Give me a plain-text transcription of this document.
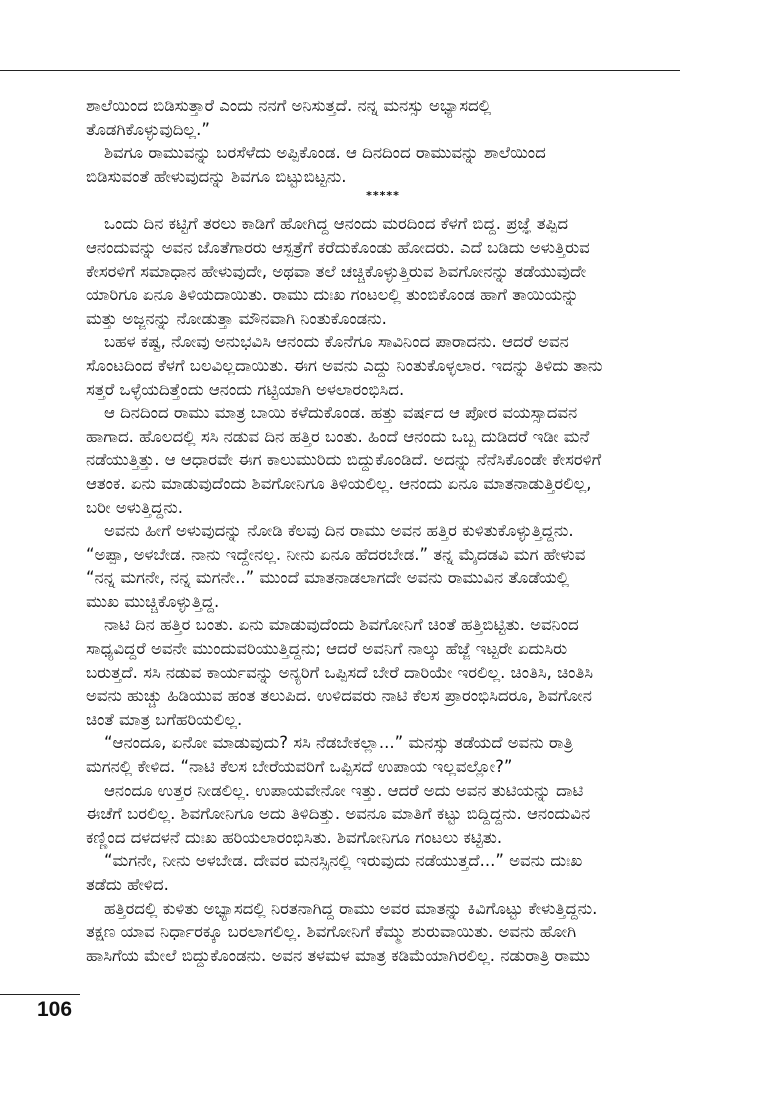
ಶಾಲೆಯಿಂದ ಬಿಡಿಸುತ್ತಾರೆ ಎಂದು ನನಗೆ ಅನಿಸುತ್ತದೆ. ನನ್ನ ಮನಸ್ಸು ಅಭ್ಯಾಸದಲ್ಲಿ
ತೊಡಗಿಕೊಳ್ಳುವುದಿಲ್ಲ.”

ಶಿವಗೂ ರಾಮುವನ್ನು ಬರಸೆಳೆದು ಅಪ್ಪಿಕೊಂಡ. ಆ ದಿನದಿಂದ ರಾಮುವನ್ನು ಶಾಲೆಯಿಂದ
ಬಿಡಿಸುವಂತೆ ಹೇಳುವುದನ್ನು ಶಿವಗೂ ಬಿಟ್ಟುಬಿಟ್ಟನು.

*****

ಒಂದು ದಿನ ಕಟ್ಟಿಗೆ ತರಲು ಕಾಡಿಗೆ ಹೋಗಿದ್ದ ಆನಂದು ಮರದಿಂದ ಕೆಳಗೆ ಬಿದ್ದ. ಪ್ರಜ್ಞೆ ತಪ್ಪಿದ
ಆನಂದುವನ್ನು ಅವನ ಜೊತೆಗಾರರು ಆಸ್ಪತ್ರೆಗೆ ಕರೆದುಕೊಂಡು ಹೋದರು. ಎದೆ ಬಡಿದು ಅಳುತ್ತಿರುವ
ಕೇಸರಳಿಗೆ ಸಮಾಧಾನ ಹೇಳುವುದೇ, ಅಥವಾ ತಲೆ ಚಚ್ಚಿಕೊಳ್ಳುತ್ತಿರುವ ಶಿವಗೋನನ್ನು ತಡೆಯುವುದೇ
ಯಾರಿಗೂ ಏನೂ ತಿಳಿಯದಾಯಿತು. ರಾಮು ದುಃಖ ಗಂಟಲಲ್ಲಿ ತುಂಬಿಕೊಂಡ ಹಾಗೆ ತಾಯಿಯನ್ನು
ಮತ್ತು ಅಜ್ಜನನ್ನು ನೋಡುತ್ತಾ ಮೌನವಾಗಿ ನಿಂತುಕೊಂಡನು.

ಬಹಳ ಕಷ್ಟ, ನೋವು ಅನುಭವಿಸಿ ಆನಂದು ಕೊನೆಗೂ ಸಾವಿನಿಂದ ಪಾರಾದನು. ಆದರೆ ಅವನ
ಸೊಂಟದಿಂದ ಕೆಳಗೆ ಬಲವಿಲ್ಲದಾಯಿತು. ಈಗ ಅವನು ಎದ್ದು ನಿಂತುಕೊಳ್ಳಲಾರ. ಇದನ್ನು ತಿಳಿದು ತಾನು
ಸತ್ತರೆ ಒಳ್ಳೆಯದಿತ್ತೆಂದು ಆನಂದು ಗಟ್ಟಿಯಾಗಿ ಅಳಲಾರಂಭಿಸಿದ.

ಆ ದಿನದಿಂದ ರಾಮು ಮಾತ್ರ ಬಾಯಿ ಕಳೆದುಕೊಂಡ. ಹತ್ತು ವರ್ಷದ ಆ ಪೋರ ವಯಸ್ಸಾದವನ
ಹಾಗಾದ. ಹೊಲದಲ್ಲಿ ಸಸಿ ನಡುವ ದಿನ ಹತ್ತಿರ ಬಂತು. ಹಿಂದೆ ಆನಂದು ಒಬ್ಬ ದುಡಿದರೆ ಇಡೀ ಮನೆ
ನಡೆಯುತ್ತಿತ್ತು. ಆ ಆಧಾರವೇ ಈಗ ಕಾಲುಮುರಿದು ಬಿದ್ದುಕೊಂಡಿದೆ. ಅದನ್ನು ನೆನೆಸಿಕೊಂಡೇ ಕೇಸರಳಿಗೆ
ಆತಂಕ. ಏನು ಮಾಡುವುದೆಂದು ಶಿವಗೋನಿಗೂ ತಿಳಿಯಲಿಲ್ಲ. ಆನಂದು ಏನೂ ಮಾತನಾಡುತ್ತಿರಲಿಲ್ಲ,
ಬರೀ ಅಳುತ್ತಿದ್ದನು.

ಅವನು ಹೀಗೆ ಅಳುವುದನ್ನು ನೋಡಿ ಕೆಲವು ದಿನ ರಾಮು ಅವನ ಹತ್ತಿರ ಕುಳಿತುಕೊಳ್ಳುತ್ತಿದ್ದನು.
“ಅಪ್ಪಾ, ಅಳಬೇಡ. ನಾನು ಇದ್ದೇನಲ್ಲ. ನೀನು ಏನೂ ಹೆದರಬೇಡ.” ತನ್ನ ಮೈದಡವಿ ಮಗ ಹೇಳುವ
“ನನ್ನ ಮಗನೇ, ನನ್ನ ಮಗನೇ..” ಮುಂದೆ ಮಾತನಾಡಲಾಗದೇ ಅವನು ರಾಮುವಿನ ತೊಡೆಯಲ್ಲಿ
ಮುಖ ಮುಚ್ಚಿಕೊಳ್ಳುತ್ತಿದ್ದ.

ನಾಟಿ ದಿನ ಹತ್ತಿರ ಬಂತು. ಏನು ಮಾಡುವುದೆಂದು ಶಿವಗೋನಿಗೆ ಚಿಂತೆ ಹತ್ತಿಬಿಟ್ಟಿತು. ಅವನಿಂದ
ಸಾಧ್ಯವಿದ್ದರೆ ಅವನೇ ಮುಂದುವರಿಯುತ್ತಿದ್ದನು; ಆದರೆ ಅವನಿಗೆ ನಾಲ್ಕು ಹೆಜ್ಜೆ ಇಟ್ಟರೇ ಏದುಸಿರು
ಬರುತ್ತದೆ. ಸಸಿ ನಡುವ ಕಾರ್ಯವನ್ನು ಅನ್ಯರಿಗೆ ಒಪ್ಪಿಸದೆ ಬೇರೆ ದಾರಿಯೇ ಇರಲಿಲ್ಲ. ಚಿಂತಿಸಿ, ಚಿಂತಿಸಿ
ಅವನು ಹುಚ್ಚು ಹಿಡಿಯುವ ಹಂತ ತಲುಪಿದ. ಉಳಿದವರು ನಾಟಿ ಕೆಲಸ ಪ್ರಾರಂಭಿಸಿದರೂ, ಶಿವಗೋನ
ಚಿಂತೆ ಮಾತ್ರ ಬಗೆಹರಿಯಲಿಲ್ಲ.

“ಆನಂದೂ, ಏನೋ ಮಾಡುವುದು? ಸಸಿ ನೆಡಬೇಕಲ್ಲಾ...” ಮನಸ್ಸು ತಡೆಯದೆ ಅವನು ರಾತ್ರಿ
ಮಗನಲ್ಲಿ ಕೇಳಿದ. “ನಾಟಿ ಕೆಲಸ ಬೇರೆಯವರಿಗೆ ಒಪ್ಪಿಸದೆ ಉಪಾಯ ಇಲ್ಲವಲ್ಲೋ?”

ಆನಂದೂ ಉತ್ತರ ನೀಡಲಿಲ್ಲ. ಉಪಾಯವೇನೋ ಇತ್ತು. ಆದರೆ ಅದು ಅವನ ತುಟಿಯನ್ನು ದಾಟಿ
ಈಚೆಗೆ ಬರಲಿಲ್ಲ. ಶಿವಗೋನಿಗೂ ಅದು ತಿಳಿದಿತ್ತು. ಅವನೂ ಮಾತಿಗೆ ಕಟ್ಟು ಬಿದ್ದಿದ್ದನು. ಆನಂದುವಿನ
ಕಣ್ಣಿಂದ ದಳದಳನೆ ದುಃಖ ಹರಿಯಲಾರಂಭಿಸಿತು. ಶಿವಗೋನಿಗೂ ಗಂಟಲು ಕಟ್ಟಿತು.

“ಮಗನೇ, ನೀನು ಅಳಬೇಡ. ದೇವರ ಮನಸ್ಸಿನಲ್ಲಿ ಇರುವುದು ನಡೆಯುತ್ತದೆ...” ಅವನು ದುಃಖ
ತಡೆದು ಹೇಳಿದ.

ಹತ್ತಿರದಲ್ಲಿ ಕುಳಿತು ಅಭ್ಯಾಸದಲ್ಲಿ ನಿರತನಾಗಿದ್ದ ರಾಮು ಅವರ ಮಾತನ್ನು ಕಿವಿಗೊಟ್ಟು ಕೇಳುತ್ತಿದ್ದನು.
ತಕ್ಷಣ ಯಾವ ನಿರ್ಧಾರಕ್ಕೂ ಬರಲಾಗಲಿಲ್ಲ. ಶಿವಗೋನಿಗೆ ಕೆಮ್ಮು ಶುರುವಾಯಿತು. ಅವನು ಹೋಗಿ
ಹಾಸಿಗೆಯ ಮೇಲೆ ಬಿದ್ದುಕೊಂಡನು. ಅವನ ತಳಮಳ ಮಾತ್ರ ಕಡಿಮೆಯಾಗಿರಲಿಲ್ಲ. ನಡುರಾತ್ರಿ ರಾಮು

106
